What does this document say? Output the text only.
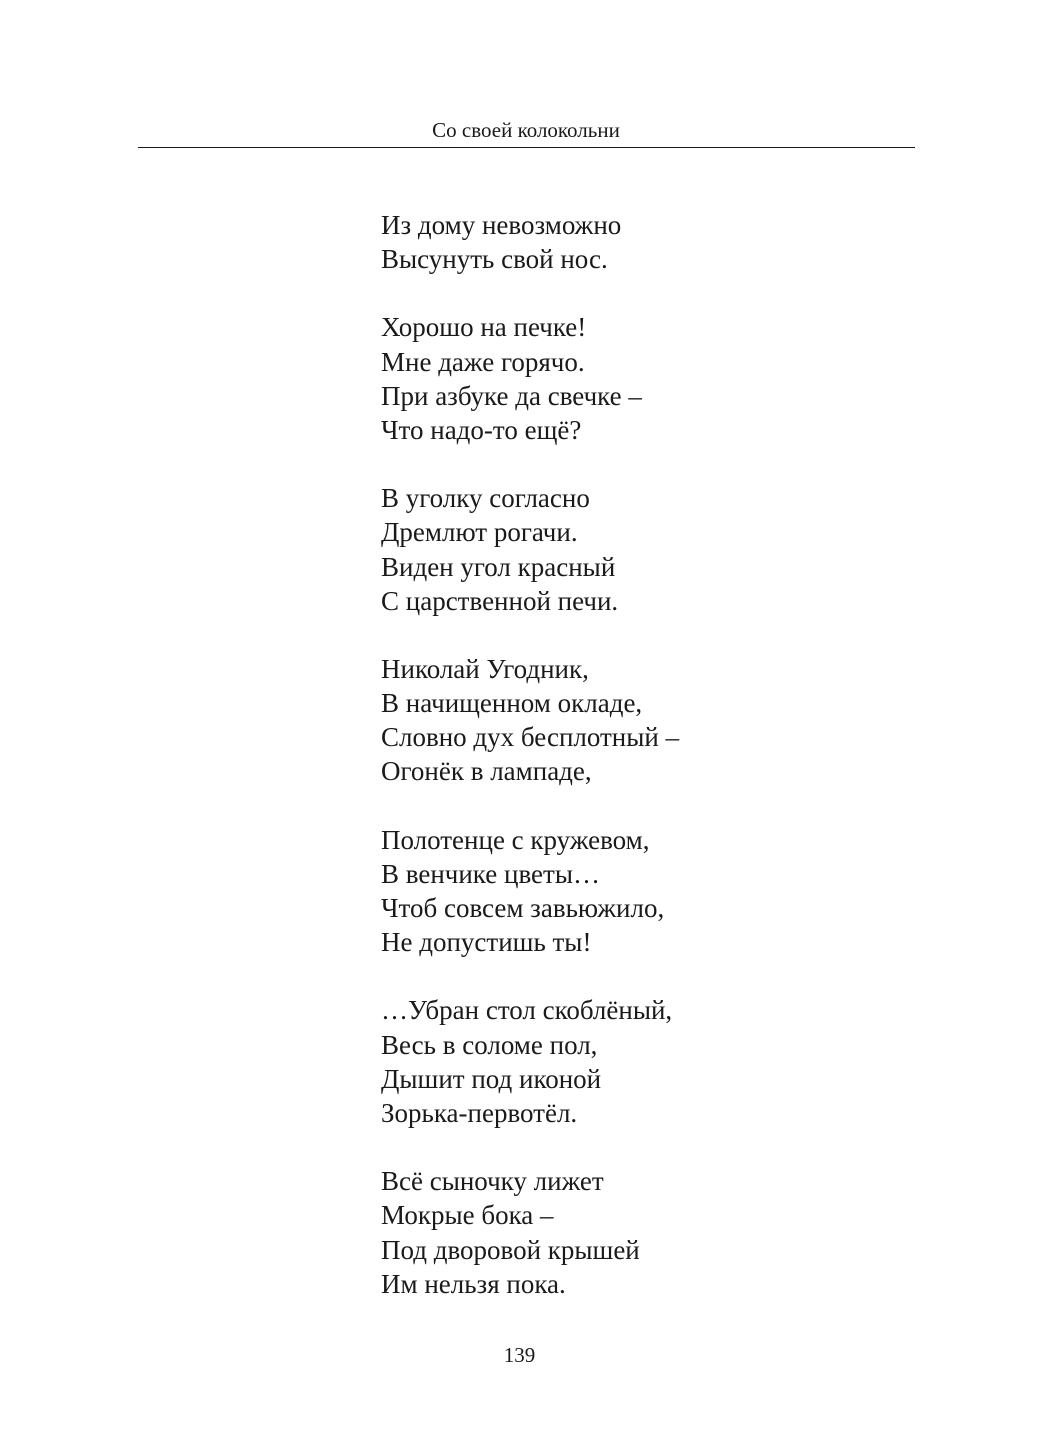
Со своей колокольни
Из дому невозможно
Высунуть свой нос.
Хорошо на печке!
Мне даже горячо.
При азбуке да свечке –
Что надо-то ещё?
В уголку согласно
Дремлют рогачи.
Виден угол красный
С царственной печи.
Николай Угодник,
В начищенном окладе,
Словно дух бесплотный –
Огонёк в лампаде,
Полотенце с кружевом,
В венчике цветы…
Чтоб совсем завьюжило,
Не допустишь ты!
…Убран стол скоблёный,
Весь в соломе пол,
Дышит под иконой
Зорька-первотёл.
Всё сыночку лижет
Мокрые бока –
Под дворовой крышей
Им нельзя пока.
139
